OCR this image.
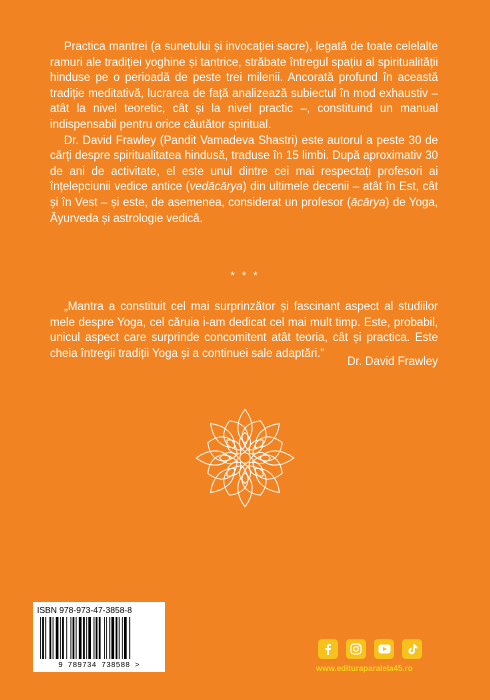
Practica mantrei (a sunetului și invocației sacre), legată de toate celelalte ramuri ale tradiției yoghine și tantrice, străbate întregul spațiu al spiritualității hinduse pe o perioadă de peste trei milenii. Ancorată profund în această tradiție meditativă, lucrarea de față analizează subiectul în mod exhaustiv – atât la nivel teoretic, cât și la nivel practic –, constituind un manual indispensabil pentru orice căutător spiritual.

Dr. David Frawley (Pandit Vamadeva Shastri) este autorul a peste 30 de cărți despre spiritualitatea hindusă, traduse în 15 limbi. După aproximativ 30 de ani de activitate, el este unul dintre cei mai respectați profesori ai înțelepciunii vedice antice (vedācārya) din ultimele decenii – atât în Est, cât și în Vest – și este, de asemenea, considerat un profesor (ācārya) de Yoga, Āyurveda și astrologie vedică.

* * *

„Mantra a constituit cel mai surprinzător și fascinant aspect al studiilor mele despre Yoga, cel căruia i-am dedicat cel mai mult timp. Este, probabil, unicul aspect care surprinde concomitent atât teoria, cât și practica. Este cheia întregii tradiții Yoga și a continuei sale adaptări.”

Dr. David Frawley
ISBN 978-973-47-3858-8
9 789734 738588 >	www.edituraparalela45.ro
